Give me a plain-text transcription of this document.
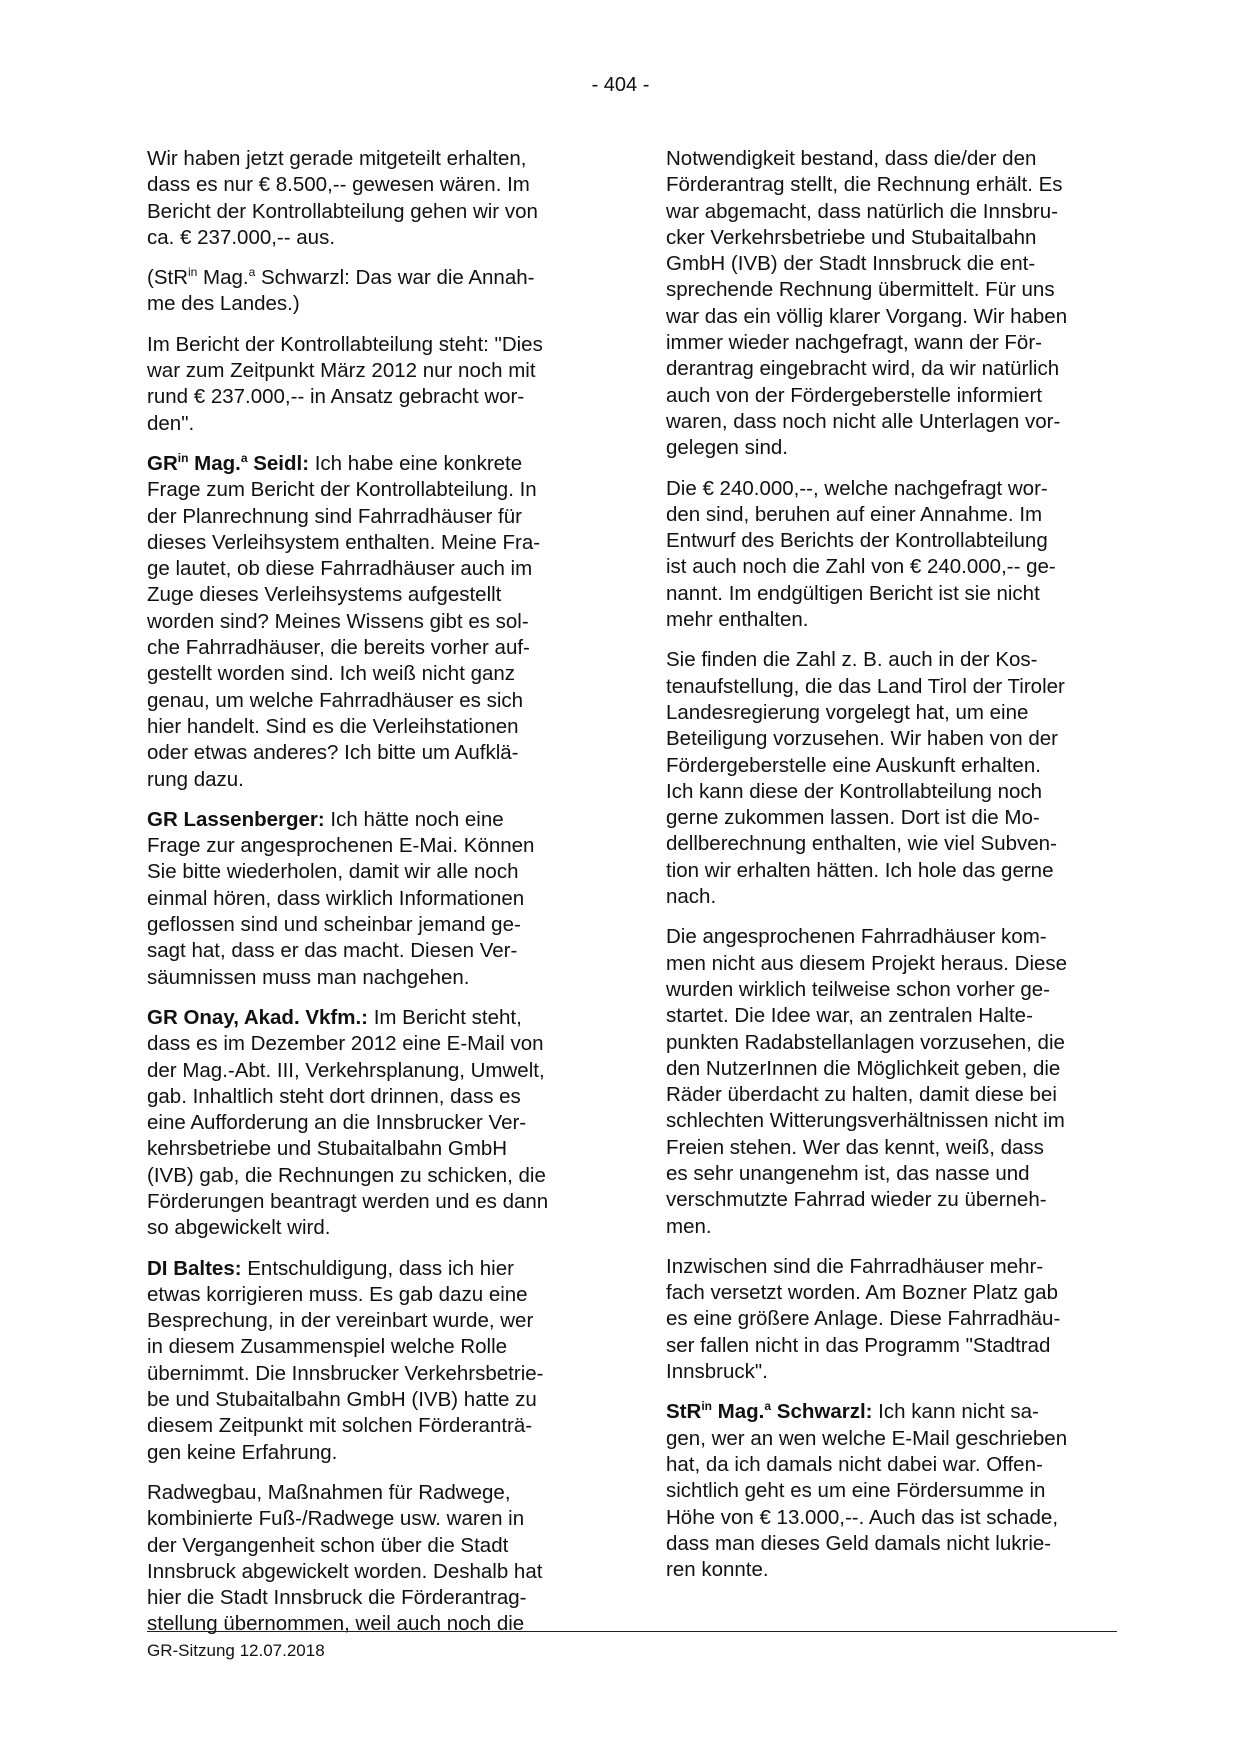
- 404 -

Wir haben jetzt gerade mitgeteilt erhalten,
dass es nur € 8.500,-- gewesen wären. Im
Bericht der Kontrollabteilung gehen wir von
ca. € 237.000,-- aus.

(StR$^{in}$ Mag.$^a$ Schwarzl: Das war die Annah-
me des Landes.)

Im Bericht der Kontrollabteilung steht: "Dies
war zum Zeitpunkt März 2012 nur noch mit
rund € 237.000,-- in Ansatz gebracht wor-
den".

$GR^{in}$ Mag.$^a$ Seidl: Ich habe eine konkrete
Frage zum Bericht der Kontrollabteilung. In
der Planrechnung sind Fahrradhäuser für
dieses Verleihsystem enthalten. Meine Fra-
ge lautet, ob diese Fahrradhäuser auch im
Zuge dieses Verleihsystems aufgestellt
worden sind? Meines Wissens gibt es sol-
che Fahrradhäuser, die bereits vorher auf-
gestellt worden sind. Ich weiß nicht ganz
genau, um welche Fahrradhäuser es sich
hier handelt. Sind es die Verleihstationen
oder etwas anderes? Ich bitte um Aufklä-
rung dazu.

GR Lassenberger: Ich hätte noch eine
Frage zur angesprochenen E-Mai. Können
Sie bitte wiederholen, damit wir alle noch
einmal hören, dass wirklich Informationen
geflossen sind und scheinbar jemand ge-
sagt hat, dass er das macht. Diesen Ver-
säumnissen muss man nachgehen.

GR Onay, Akad. Vkfm.: Im Bericht steht,
dass es im Dezember 2012 eine E-Mail von
der Mag.-Abt. III, Verkehrsplanung, Umwelt,
gab. Inhaltlich steht dort drinnen, dass es
eine Aufforderung an die Innsbrucker Ver-
kehrsbetriebe und Stubaitalbahn GmbH
(IVB) gab, die Rechnungen zu schicken, die
Förderungen beantragt werden und es dann
so abgewickelt wird.

DI Baltes: Entschuldigung, dass ich hier
etwas korrigieren muss. Es gab dazu eine
Besprechung, in der vereinbart wurde, wer
in diesem Zusammenspiel welche Rolle
übernimmt. Die Innsbrucker Verkehrsbetrie-
be und Stubaitalbahn GmbH (IVB) hatte zu
diesem Zeitpunkt mit solchen Förderanträ-
gen keine Erfahrung.

Radwegbau, Maßnahmen für Radwege,
kombinierte Fuß-/Radwege usw. waren in
der Vergangenheit schon über die Stadt
Innsbruck abgewickelt worden. Deshalb hat
hier die Stadt Innsbruck die Förderantrag-
stellung übernommen, weil auch noch die

Notwendigkeit bestand, dass die/der den
Förderantrag stellt, die Rechnung erhält. Es
war abgemacht, dass natürlich die Innsbru-
cker Verkehrsbetriebe und Stubaitalbahn
GmbH (IVB) der Stadt Innsbruck die ent-
sprechende Rechnung übermittelt. Für uns
war das ein völlig klarer Vorgang. Wir haben
immer wieder nachgefragt, wann der För-
derantrag eingebracht wird, da wir natürlich
auch von der Fördergeberstelle informiert
waren, dass noch nicht alle Unterlagen vor-
gelegen sind.

Die € 240.000,--, welche nachgefragt wor-
den sind, beruhen auf einer Annahme. Im
Entwurf des Berichts der Kontrollabteilung
ist auch noch die Zahl von € 240.000,-- ge-
nannt. Im endgültigen Bericht ist sie nicht
mehr enthalten.

Sie finden die Zahl z. B. auch in der Kos-
tenaufstellung, die das Land Tirol der Tiroler
Landesregierung vorgelegt hat, um eine
Beteiligung vorzusehen. Wir haben von der
Fördergeberstelle eine Auskunft erhalten.
Ich kann diese der Kontrollabteilung noch
gerne zukommen lassen. Dort ist die Mo-
dellberechnung enthalten, wie viel Subven-
tion wir erhalten hätten. Ich hole das gerne
nach.

Die angesprochenen Fahrradhäuser kom-
men nicht aus diesem Projekt heraus. Diese
wurden wirklich teilweise schon vorher ge-
startet. Die Idee war, an zentralen Halte-
punkten Radabstellanlagen vorzusehen, die
den NutzerInnen die Möglichkeit geben, die
Räder überdacht zu halten, damit diese bei
schlechten Witterungsverhältnissen nicht im
Freien stehen. Wer das kennt, weiß, dass
es sehr unangenehm ist, das nasse und
verschmutzte Fahrrad wieder zu überneh-
men.

Inzwischen sind die Fahrradhäuser mehr-
fach versetzt worden. Am Bozner Platz gab
es eine größere Anlage. Diese Fahrradhäu-
ser fallen nicht in das Programm "Stadtrad
Innsbruck".

StR$^{in}$ Mag.$^a$ Schwarzl: Ich kann nicht sa-
gen, wer an wen welche E-Mail geschrieben
hat, da ich damals nicht dabei war. Offen-
sichtlich geht es um eine Fördersumme in
Höhe von € 13.000,--. Auch das ist schade,
dass man dieses Geld damals nicht lukrie-
ren konnte.

GR-Sitzung 12.07.2018
